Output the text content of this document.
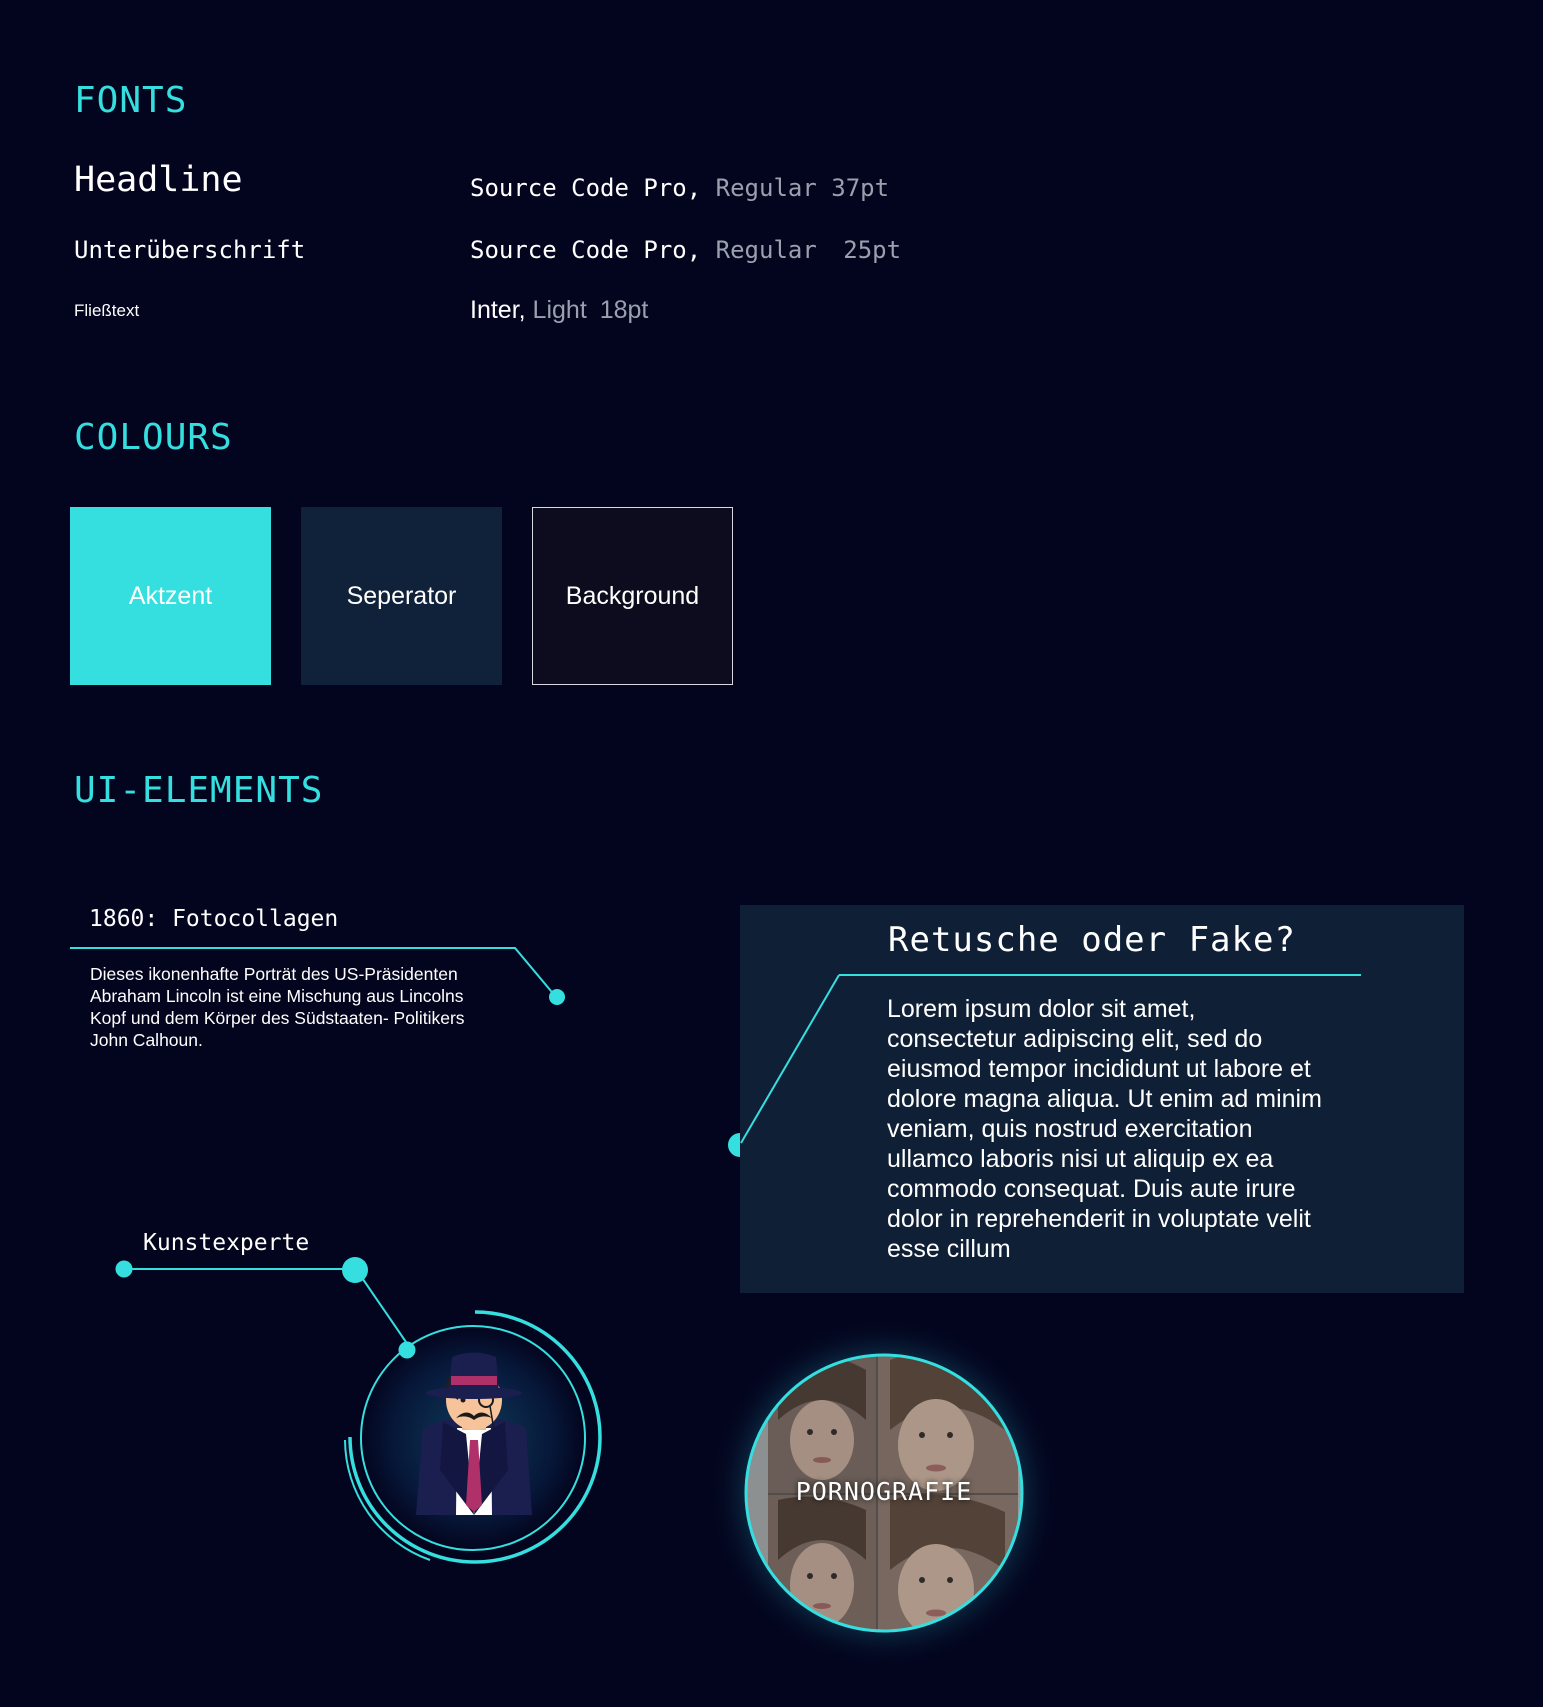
FONTS
Headline	Source Code Pro, Regular 37pt
Unterüberschrift	Source Code Pro, Regular 25pt
Fließtext	Inter, Light 18pt
COLOURS
Aktzent	Seperator	Background
UI-ELEMENTS
1860: Fotocollagen
Dieses ikonenhafte Porträt des US-Präsidenten Abraham Lincoln ist eine Mischung aus Lincolns Kopf und dem Körper des Südstaaten- Politikers John Calhoun.
Retusche oder Fake?
Lorem ipsum dolor sit amet, consectetur adipiscing elit, sed do eiusmod tempor incididunt ut labore et dolore magna aliqua. Ut enim ad minim veniam, quis nostrud exercitation ullamco laboris nisi ut aliquip ex ea commodo consequat. Duis aute irure dolor in reprehenderit in voluptate velit esse cillum
Kunstexperte
PORNOGRAFIE
